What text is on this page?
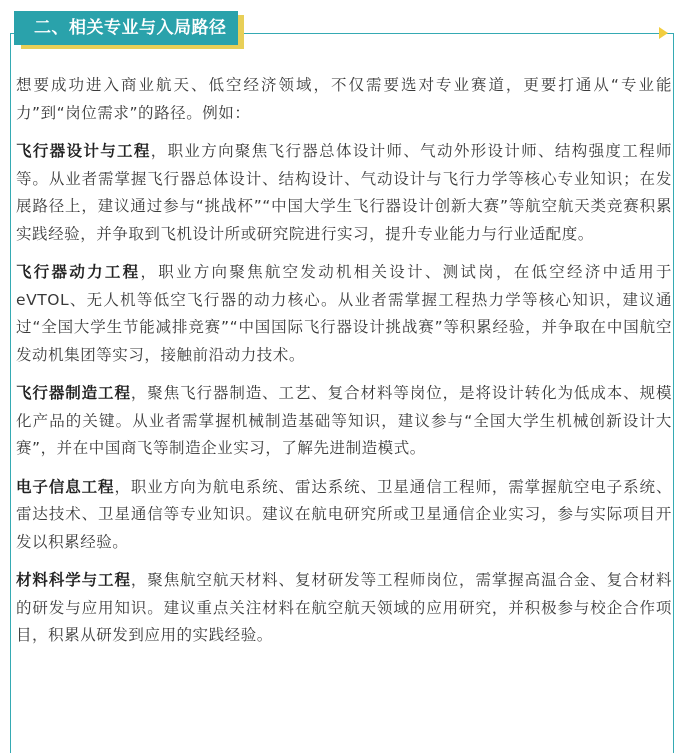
二、相关专业与入局路径

想要成功进入商业航天、低空经济领域，不仅需要选对专业赛道，更要打通从“专业能力”到“岗位需求”的路径。例如：

飞行器设计与工程，职业方向聚焦飞行器总体设计师、气动外形设计师、结构强度工程师等。从业者需掌握飞行器总体设计、结构设计、气动设计与飞行力学等核心专业知识；在发展路径上，建议通过参与“挑战杯”“中国大学生飞行器设计创新大赛”等航空航天类竞赛积累实践经验，并争取到飞机设计所或研究院进行实习，提升专业能力与行业适配度。

飞行器动力工程，职业方向聚焦航空发动机相关设计、测试岗，在低空经济中适用于eVTOL、无人机等低空飞行器的动力核心。从业者需掌握工程热力学等核心知识，建议通过“全国大学生节能减排竞赛”“中国国际飞行器设计挑战赛”等积累经验，并争取在中国航空发动机集团等实习，接触前沿动力技术。

飞行器制造工程，聚焦飞行器制造、工艺、复合材料等岗位，是将设计转化为低成本、规模化产品的关键。从业者需掌握机械制造基础等知识，建议参与“全国大学生机械创新设计大赛”，并在中国商飞等制造企业实习，了解先进制造模式。

电子信息工程，职业方向为航电系统、雷达系统、卫星通信工程师，需掌握航空电子系统、雷达技术、卫星通信等专业知识。建议在航电研究所或卫星通信企业实习，参与实际项目开发以积累经验。

材料科学与工程，聚焦航空航天材料、复材研发等工程师岗位，需掌握高温合金、复合材料的研发与应用知识。建议重点关注材料在航空航天领域的应用研究，并积极参与校企合作项目，积累从研发到应用的实践经验。
